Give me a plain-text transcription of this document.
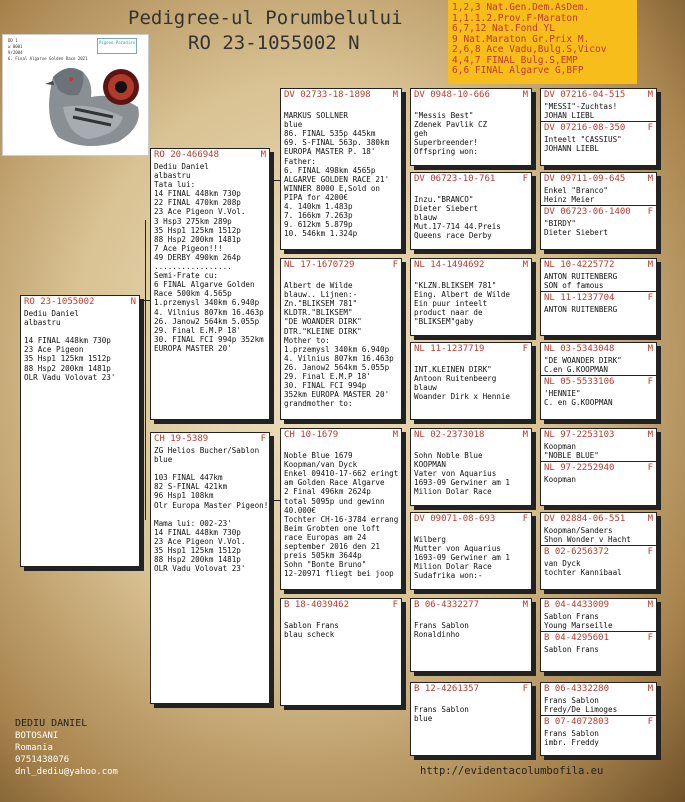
Pedigree-ul Porumbelului
RO 23-1055002 N
1,2,3 Nat.Gen.Dem.AsDem.
1,1.1.2.Prov.F-Maraton
6,7,12 Nat.Fond YL
9 Nat.Maraton Gr.Prix M.
2,6,8 Ace Vadu,Bulg.S,Vicov
4,4,7 FINAL Bulg.S,EMP
6,6 FINAL Algarve G,BFP
DD 1
w 0001
9/2004
6. Final Algarve Golden Race 2021
Pigeon Paradise
RO 23-1055002	N
Dediu Daniel
albastru
14 FINAL 448km 730p
23 Ace Pigeon
35 Hsp1 125km 1512p
88 Hsp2 200km 1481p
OLR Vadu Volovat 23'
RO 20-466948	M
Dediu Daniel
albastru
Tata lui:
14 FINAL 448km 730p
22 FINAL 470km 208p
23 Ace Pigeon V.Vol.
3 Hsp3 275km 289p
35 Hsp1 125km 1512p
88 Hsp2 200km 1481p
7 Ace Pigeon!!!
49 DERBY 490km 264p
.................
Semi-Frate cu:
6 FINAL Algarve Golden
Race 500km 4.565p
1.przemysl 340km 6.940p
4. Vilnius 807km 16.463p
26. Janow2 564km 5.055p
29. Final E.M.P 18'
30. FINAL FCI 994p 352km
EUROPA MASTER 20'
CH 19-5389	F
ZG Helios Bucher/Sablon
blue
103 FINAL 447km
82 S-FINAL 421km
96 Hsp1 108km
Olr Europa Master Pigeon!
Mama lui: 002-23'
14 FINAL 448km 730p
23 Ace Pigeon V.Vol.
35 Hsp1 125km 1512p
88 Hsp2 200km 1481p
OLR Vadu Volovat 23'
DV 02733-18-1898 M
MARKUS SOLLNER
blue
86. FINAL 535p 445km
69. S-FINAL 563p. 380km
EUROPA MASTER P. 18'
Father:
6. FINAL 498km 4565p
ALGARVE GOLDEN RACE 21'
WINNER 8000 E,Sold on
PIPA for 4200€
4. 140km 1.483p
7. 166km 7.263p
9. 612km 5.879p
10. 546km 1.324p
NL 17-1670729	F
Albert de Wilde
blauw.. Lijnen:-
Zn."BLIKSEM 781"
KLDTR."BLIKSEM"
"DE WOANDER DIRK"
DTR."KLEINE DIRK"
Mother to:
1.przemysl 340km 6.940p
4. Vilnius 807km 16.463p
26. Janow2 564km 5.055p
29. Final E.M.P 18'
30. FINAL FCI 994p
352km EUROPA MASTER 20'
grandmother to:
CH 10-1679	M
Noble Blue 1679
Koopman/van Dyck
Enkel 09410-17-662 eringt
am Golden Race Algarve
2 Final 496km 2624p
total 5095p und gewinn
40.000€
Tochter CH-16-3784 errang
Beim Grobten one loft
race Europas am 24
september 2016 den 21
preis 505km 3644p
Sohn "Bonte Bruno"
12-20971 fliegt bei joop
B 18-4039462	F
Sablon Frans
blau scheck
DV 0948-10-666	M
"Messis Best"
Zdenek Pavlik CZ
geh
Superbreender!
Offspring won:
DV 06723-10-761	F
Inzu."BRANCO"
Dieter Siebert
blauw
Mut.17-714 44.Preis
Queens race Derby
NL 14-1494692	M
"KLZN.BLIKSEM 781"
Eing. Albert de Wilde
Ein puur inteelt
product naar de
"BLIKSEM"gaby
NL 11-1237719	F
INT.KLEINEN DIRK"
Antoon Ruitenbeerg
blauw
Woander Dirk x Hennie
NL 02-2373018	M
Sohn Noble Blue
KOOPMAN
Vater von Aquarius
1693-09 Gerwiner am 1
Milion Dolar Race
DV 09071-08-693	F
Wilberg
Mutter von Aquarius
1693-09 Gerwiner am 1
Milion Dolar Race
Sudafrika won:-
B 06-4332277	M
Frans Sablon
Ronaldinho
B 12-4261357	F
Frans Sablon
blue
DV 07216-04-515 M
"MESSI"-Zuchtas!
JOHAN LIEBL
DV 07216-08-350 F
Inteelt "CASSIUS"
JOHANN LIEBL
DV 09711-09-645 M
Enkel "Branco"
Heinz Meier
DV 06723-06-1400 F
"BIRDY"
Dieter Siebert
NL 10-4225772	M
ANTON RUITENBERG
SON of famous
NL 11-1237704	F
ANTON RUITENBERG
NL 03-5343048	M
"DE WOANDER DIRK"
C.en G.KOOPMAN
NL 05-5533106	F
'HENNIE"
C. en G.KOOPMAN
NL 97-2253103	M
Koopman
"NOBLE BLUE"
NL 97-2252940	F
Koopman
DV 02884-06-551 M
Koopman/Sanders
Shon Wonder v Hacht
B 02-6256372	F
van Dyck
tochter Kannibaal
B 04-4433009	M
Sablon Frans
Young Marseille
B 04-4295601	F
Sablon Frans
B 06-4332280	M
Frans Sablon
Fredy/De Limoges
B 07-4072803	F
Frans Sablon
imbr. Freddy
DEDIU DANIEL
BOTOSANI
Romania
0751438076
dnl_dediu@yahoo.com	http://evidentacolumbofila.eu
